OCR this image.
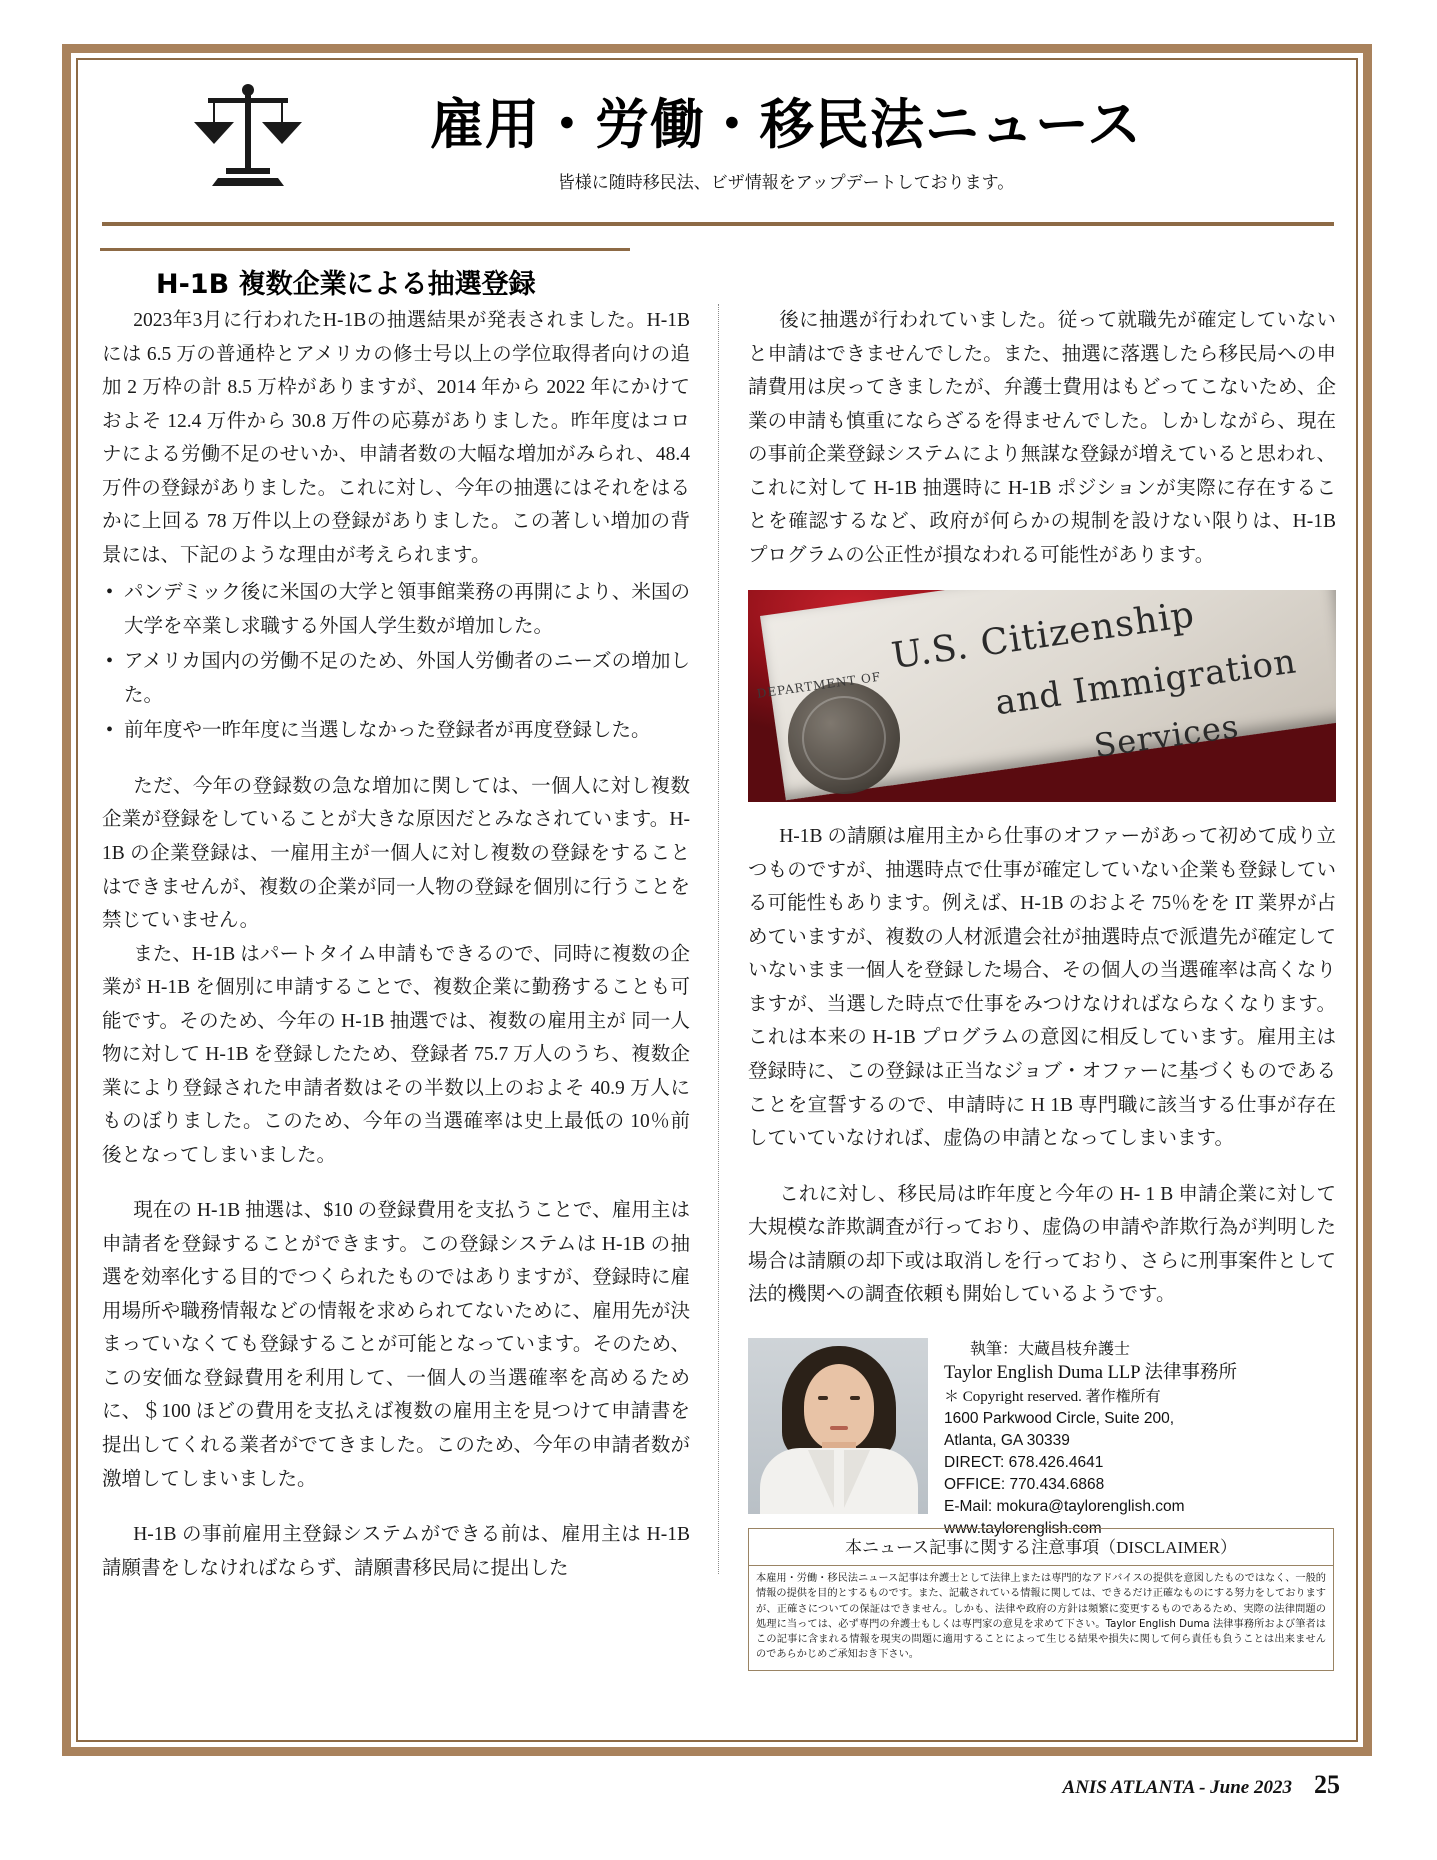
雇用・労働・移民法ニュース
皆様に随時移民法、ビザ情報をアップデートしております。
H-1B 複数企業による抽選登録

2023年3月に行われたH-1Bの抽選結果が発表されました。H-1B には 6.5 万の普通枠とアメリカの修士号以上の学位取得者向けの追加 2 万枠の計 8.5 万枠がありますが、2014 年から 2022 年にかけておよそ 12.4 万件から 30.8 万件の応募がありました。昨年度はコロナによる労働不足のせいか、申請者数の大幅な増加がみられ、48.4 万件の登録がありました。これに対し、今年の抽選にはそれをはるかに上回る 78 万件以上の登録がありました。この著しい増加の背景には、下記のような理由が考えられます。

• パンデミック後に米国の大学と領事館業務の再開により、米国の大学を卒業し求職する外国人学生数が増加した。
• アメリカ国内の労働不足のため、外国人労働者のニーズの増加した。
• 前年度や一昨年度に当選しなかった登録者が再度登録した。

ただ、今年の登録数の急な増加に関しては、一個人に対し複数企業が登録をしていることが大きな原因だとみなされています。H-1B の企業登録は、一雇用主が一個人に対し複数の登録をすることはできませんが、複数の企業が同一人物の登録を個別に行うことを禁じていません。

また、H-1B はパートタイム申請もできるので、同時に複数の企業が H-1B を個別に申請することで、複数企業に勤務することも可能です。そのため、今年の H-1B 抽選では、複数の雇用主が 同一人物に対して H-1B を登録したため、登録者 75.7 万人のうち、複数企業により登録された申請者数はその半数以上のおよそ 40.9 万人にものぼりました。このため、今年の当選確率は史上最低の 10％前後となってしまいました。

現在の H-1B 抽選は、$10 の登録費用を支払うことで、雇用主は申請者を登録することができます。この登録システムは H-1B の抽選を効率化する目的でつくられたものではありますが、登録時に雇用場所や職務情報などの情報を求められてないために、雇用先が決まっていなくても登録することが可能となっています。そのため、この安価な登録費用を利用して、一個人の当選確率を高めるために、＄100 ほどの費用を支払えば複数の雇用主を見つけて申請書を提出してくれる業者がでてきました。このため、今年の申請者数が激増してしまいました。

H-1B の事前雇用主登録システムができる前は、雇用主は H-1B 請願書をしなければならず、請願書移民局に提出した

後に抽選が行われていました。従って就職先が確定していないと申請はできませんでした。また、抽選に落選したら移民局への申請費用は戻ってきましたが、弁護士費用はもどってこないため、企業の申請も慎重にならざるを得ませんでした。しかしながら、現在の事前企業登録システムにより無謀な登録が増えていると思われ、これに対して H-1B 抽選時に H-1B ポジションが実際に存在することを確認するなど、政府が何らかの規制を設けない限りは、H-1B プログラムの公正性が損なわれる可能性があります。

DEPARTMENT OF
U.S. Citizenship
and Immigration
Services

H-1B の請願は雇用主から仕事のオファーがあって初めて成り立つものですが、抽選時点で仕事が確定していない企業も登録している可能性もあります。例えば、H-1B のおよそ 75％をを IT 業界が占めていますが、複数の人材派遣会社が抽選時点で派遣先が確定していないまま一個人を登録した場合、その個人の当選確率は高くなりますが、当選した時点で仕事をみつけなければならなくなります。これは本来の H-1B プログラムの意図に相反しています。雇用主は登録時に、この登録は正当なジョブ・オファーに基づくものであることを宣誓するので、申請時に H 1B 専門職に該当する仕事が存在していていなければ、虚偽の申請となってしまいます。

これに対し、移民局は昨年度と今年の H- 1 B 申請企業に対して大規模な詐欺調査が行っており、虚偽の申請や詐欺行為が判明した場合は請願の却下或は取消しを行っており、さらに刑事案件として法的機関への調査依頼も開始しているようです。

執筆：大蔵昌枝弁護士
Taylor English Duma LLP 法律事務所
＊ Copyright reserved. 著作権所有
1600 Parkwood Circle, Suite 200,
Atlanta, GA 30339
DIRECT: 678.426.4641
OFFICE: 770.434.6868
E-Mail: mokura@taylorenglish.com
www.taylorenglish.com
本ニュース記事に関する注意事項（DISCLAIMER）
本雇用・労働・移民法ニュース記事は弁護士として法律上または専門的なアドバイスの提供を意図したものではなく、一般的情報の提供を目的とするものです。また、記載されている情報に関しては、できるだけ正確なものにする努力をしておりますが、正確さについての保証はできません。しかも、法律や政府の方針は頻繁に変更するものであるため、実際の法律問題の処理に当っては、必ず専門の弁護士もしくは専門家の意見を求めて下さい。Taylor English Duma 法律事務所および筆者はこの記事に含まれる情報を現実の問題に適用することによって生じる結果や損失に関して何ら責任も負うことは出来ませんのであらかじめご承知おき下さい。
ANIS ATLANTA - June 2023 25
